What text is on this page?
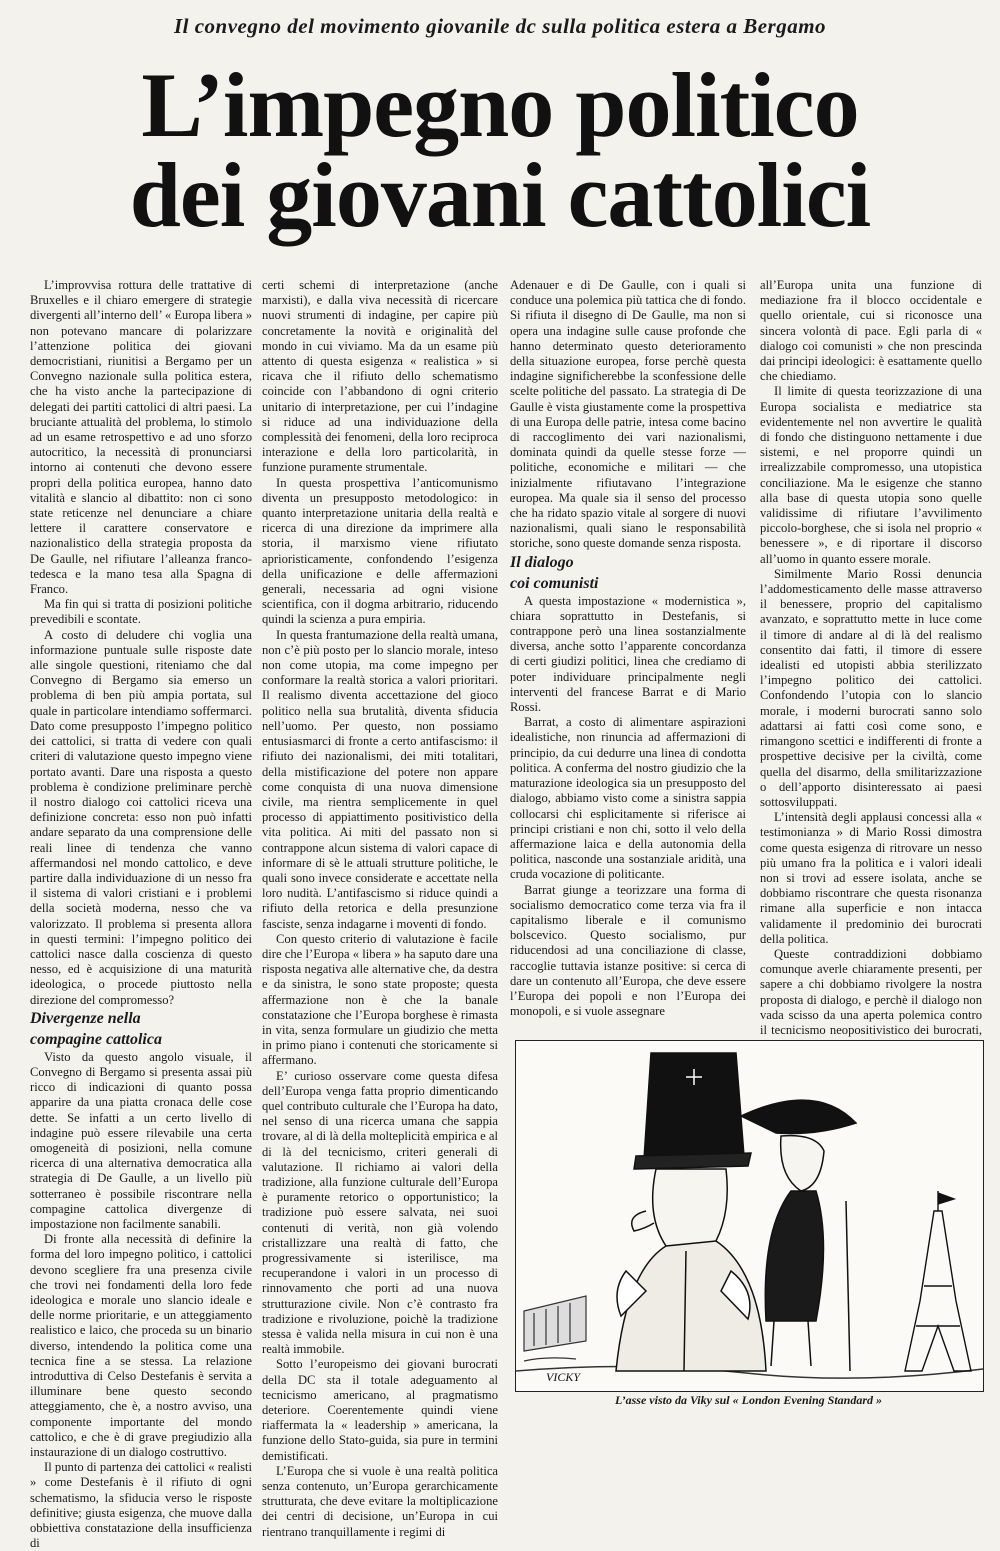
Il convegno del movimento giovanile dc sulla politica estera a Bergamo
L’impegno politico
dei giovani cattolici

L’improvvisa rottura delle trattative di Bruxelles e il chiaro emergere di strategie divergenti all’interno dell’ « Europa libera » non potevano mancare di polarizzare l’attenzione politica dei giovani democristiani, riunitisi a Bergamo per un Convegno nazionale sulla politica estera, che ha visto anche la partecipazione di delegati dei partiti cattolici di altri paesi. La bruciante attualità del problema, lo stimolo ad un esame retrospettivo e ad uno sforzo autocritico, la necessità di pronunciarsi intorno ai contenuti che devono essere propri della politica europea, hanno dato vitalità e slancio al dibattito: non ci sono state reticenze nel denunciare a chiare lettere il carattere conservatore e nazionalistico della strategia proposta da De Gaulle, nel rifiutare l’alleanza franco-tedesca e la mano tesa alla Spagna di Franco.

Ma fin qui si tratta di posizioni politiche prevedibili e scontate.

A costo di deludere chi voglia una informazione puntuale sulle risposte date alle singole questioni, riteniamo che dal Convegno di Bergamo sia emerso un problema di ben più ampia portata, sul quale in particolare intendiamo soffermarci. Dato come presupposto l’impegno politico dei cattolici, si tratta di vedere con quali criteri di valutazione questo impegno viene portato avanti. Dare una risposta a questo problema è condizione preliminare perchè il nostro dialogo coi cattolici riceva una definizione concreta: esso non può infatti andare separato da una comprensione delle reali linee di tendenza che vanno affermandosi nel mondo cattolico, e deve partire dalla individuazione di un nesso fra il sistema di valori cristiani e i problemi della società moderna, nesso che va valorizzato. Il problema si presenta allora in questi termini: l’impegno politico dei cattolici nasce dalla coscienza di questo nesso, ed è acquisizione di una maturità ideologica, o procede piuttosto nella direzione del compromesso?

Divergenze nella
compagine cattolica

Visto da questo angolo visuale, il Convegno di Bergamo si presenta assai più ricco di indicazioni di quanto possa apparire da una piatta cronaca delle cose dette. Se infatti a un certo livello di indagine può essere rilevabile una certa omogeneità di posizioni, nella comune ricerca di una alternativa democratica alla strategia di De Gaulle, a un livello più sotterraneo è possibile riscontrare nella compagine cattolica divergenze di impostazione non facilmente sanabili.

Di fronte alla necessità di definire la forma del loro impegno politico, i cattolici devono scegliere fra una presenza civile che trovi nei fondamenti della loro fede ideologica e morale uno slancio ideale e delle norme prioritarie, e un atteggiamento realistico e laico, che proceda su un binario diverso, intendendo la politica come una tecnica fine a se stessa. La relazione introduttiva di Celso Destefanis è servita a illuminare bene questo secondo atteggiamento, che è, a nostro avviso, una componente importante del mondo cattolico, e che è di grave pregiudizio alla instaurazione di un dialogo costruttivo.

Il punto di partenza dei cattolici « realisti » come Destefanis è il rifiuto di ogni schematismo, la sfiducia verso le risposte definitive; giusta esigenza, che muove dalla obbiettiva constatazione della insufficienza di

certi schemi di interpretazione (anche marxisti), e dalla viva necessità di ricercare nuovi strumenti di indagine, per capire più concretamente la novità e originalità del mondo in cui viviamo. Ma da un esame più attento di questa esigenza « realistica » si ricava che il rifiuto dello schematismo coincide con l’abbandono di ogni criterio unitario di interpretazione, per cui l’indagine si riduce ad una individuazione della complessità dei fenomeni, della loro reciproca interazione e della loro particolarità, in funzione puramente strumentale.

In questa prospettiva l’anticomunismo diventa un presupposto metodologico: in quanto interpretazione unitaria della realtà e ricerca di una direzione da imprimere alla storia, il marxismo viene rifiutato aprioristicamente, confondendo l’esigenza della unificazione e delle affermazioni generali, necessaria ad ogni visione scientifica, con il dogma arbitrario, riducendo quindi la scienza a pura empiria.

In questa frantumazione della realtà umana, non c’è più posto per lo slancio morale, inteso non come utopia, ma come impegno per conformare la realtà storica a valori prioritari. Il realismo diventa accettazione del gioco politico nella sua brutalità, diventa sfiducia nell’uomo. Per questo, non possiamo entusiasmarci di fronte a certo antifascismo: il rifiuto dei nazionalismi, dei miti totalitari, della mistificazione del potere non appare come conquista di una nuova dimensione civile, ma rientra semplicemente in quel processo di appiattimento positivistico della vita politica. Ai miti del passato non si contrappone alcun sistema di valori capace di informare di sè le attuali strutture politiche, le quali sono invece considerate e accettate nella loro nudità. L’antifascismo si riduce quindi a rifiuto della retorica e della presunzione fasciste, senza indagarne i moventi di fondo.

Con questo criterio di valutazione è facile dire che l’Europa « libera » ha saputo dare una risposta negativa alle alternative che, da destra e da sinistra, le sono state proposte; questa affermazione non è che la banale constatazione che l’Europa borghese è rimasta in vita, senza formulare un giudizio che metta in primo piano i contenuti che storicamente si affermano.

E’ curioso osservare come questa difesa dell’Europa venga fatta proprio dimenticando quel contributo culturale che l’Europa ha dato, nel senso di una ricerca umana che sappia trovare, al di là della molteplicità empirica e al di là del tecnicismo, criteri generali di valutazione. Il richiamo ai valori della tradizione, alla funzione culturale dell’Europa è puramente retorico o opportunistico; la tradizione può essere salvata, nei suoi contenuti di verità, non già volendo cristallizzare una realtà di fatto, che progressivamente si isterilisce, ma recuperandone i valori in un processo di rinnovamento che porti ad una nuova strutturazione civile. Non c’è contrasto fra tradizione e rivoluzione, poichè la tradizione stessa è valida nella misura in cui non è una realtà immobile.

Sotto l’europeismo dei giovani burocrati della DC sta il totale adeguamento al tecnicismo americano, al pragmatismo deteriore. Coerentemente quindi viene riaffermata la « leadership » americana, la funzione dello Stato-guida, sia pure in termini demistificati.

L’Europa che si vuole è una realtà politica senza contenuto, un’Europa gerarchicamente strutturata, che deve evitare la moltiplicazione dei centri di decisione, un’Europa in cui rientrano tranquillamente i regimi di

Adenauer e di De Gaulle, con i quali si conduce una polemica più tattica che di fondo. Si rifiuta il disegno di De Gaulle, ma non si opera una indagine sulle cause profonde che hanno determinato questo deterioramento della situazione europea, forse perchè questa indagine significherebbe la sconfessione delle scelte politiche del passato. La strategia di De Gaulle è vista giustamente come la prospettiva di una Europa delle patrie, intesa come bacino di raccoglimento dei vari nazionalismi, dominata quindi da quelle stesse forze — politiche, economiche e militari — che inizialmente rifiutavano l’integrazione europea. Ma quale sia il senso del processo che ha ridato spazio vitale al sorgere di nuovi nazionalismi, quali siano le responsabilità storiche, sono queste domande senza risposta.

Il dialogo
coi comunisti

A questa impostazione « modernistica », chiara soprattutto in Destefanis, si contrappone però una linea sostanzialmente diversa, anche sotto l’apparente concordanza di certi giudizi politici, linea che crediamo di poter individuare principalmente negli interventi del francese Barrat e di Mario Rossi.

Barrat, a costo di alimentare aspirazioni idealistiche, non rinuncia ad affermazioni di principio, da cui dedurre una linea di condotta politica. A conferma del nostro giudizio che la maturazione ideologica sia un presupposto del dialogo, abbiamo visto come a sinistra sappia collocarsi chi esplicitamente si riferisce ai principi cristiani e non chi, sotto il velo della affermazione laica e della autonomia della politica, nasconde una sostanziale aridità, una cruda vocazione di politicante.

Barrat giunge a teorizzare una forma di socialismo democratico come terza via fra il capitalismo liberale e il comunismo bolscevico. Questo socialismo, pur riducendosi ad una conciliazione di classe, raccoglie tuttavia istanze positive: si cerca di dare un contenuto all’Europa, che deve essere l’Europa dei popoli e non l’Europa dei monopoli, e si vuole assegnare

all’Europa unita una funzione di mediazione fra il blocco occidentale e quello orientale, cui si riconosce una sincera volontà di pace. Egli parla di « dialogo coi comunisti » che non prescinda dai principi ideologici: è esattamente quello che chiediamo.

Il limite di questa teorizzazione di una Europa socialista e mediatrice sta evidentemente nel non avvertire le qualità di fondo che distinguono nettamente i due sistemi, e nel proporre quindi un irrealizzabile compromesso, una utopistica conciliazione. Ma le esigenze che stanno alla base di questa utopia sono quelle validissime di rifiutare l’avvilimento piccolo-borghese, che si isola nel proprio « benessere », e di riportare il discorso all’uomo in quanto essere morale.

Similmente Mario Rossi denuncia l’addomesticamento delle masse attraverso il benessere, proprio del capitalismo avanzato, e soprattutto mette in luce come il timore di andare al di là del realismo consentito dai fatti, il timore di essere idealisti ed utopisti abbia sterilizzato l’impegno politico dei cattolici. Confondendo l’utopia con lo slancio morale, i moderni burocrati sanno solo adattarsi ai fatti così come sono, e rimangono scettici e indifferenti di fronte a prospettive decisive per la civiltà, come quella del disarmo, della smilitarizzazione o dell’apporto disinteressato ai paesi sottosviluppati.

L’intensità degli applausi concessi alla « testimonianza » di Mario Rossi dimostra come questa esigenza di ritrovare un nesso più umano fra la politica e i valori ideali non si trovi ad essere isolata, anche se dobbiamo riscontrare che questa risonanza rimane alla superficie e non intacca validamente il predominio dei burocrati della politica.

Queste contraddizioni dobbiamo comunque averle chiaramente presenti, per sapere a chi dobbiamo rivolgere la nostra proposta di dialogo, e perchè il dialogo non vada scisso da una aperta polemica contro il tecnicismo neopositivistico dei burocrati,

VICKY
L’asse visto da Viky sul « London Evening Standard »
